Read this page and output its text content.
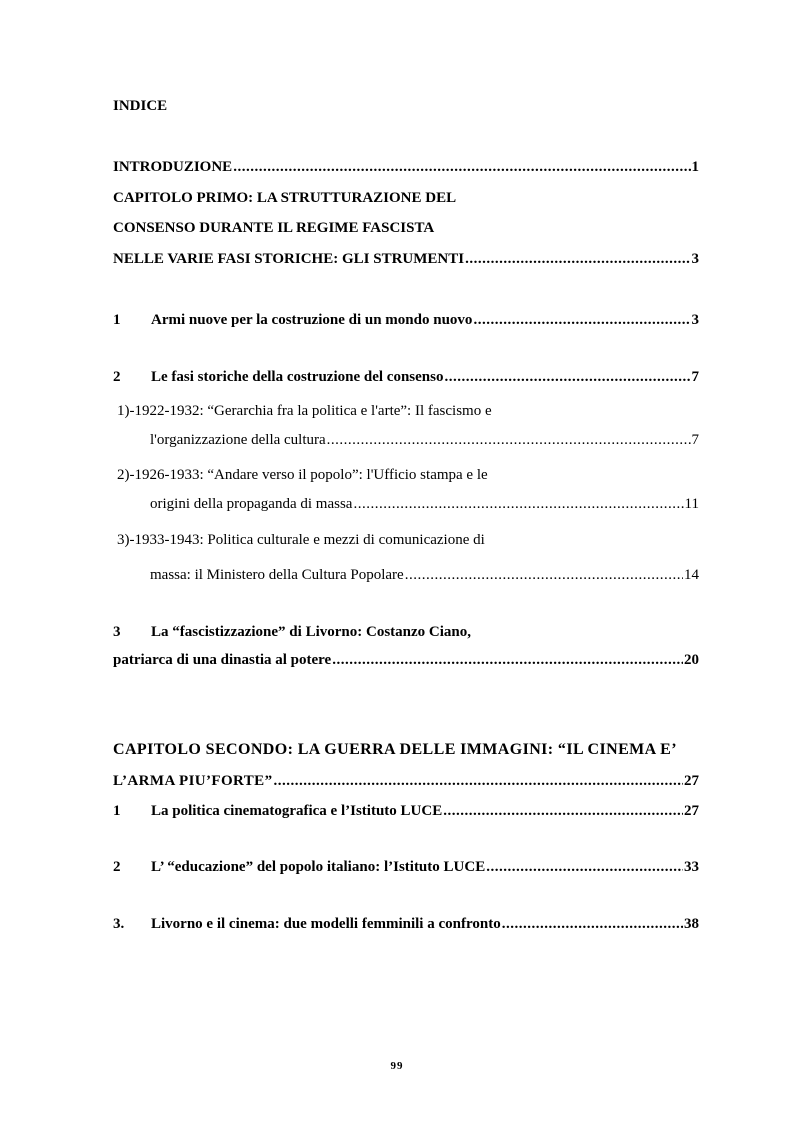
INDICE
INTRODUZIONE .....	1
CAPITOLO PRIMO: LA STRUTTURAZIONE DEL
CONSENSO DURANTE IL REGIME FASCISTA
NELLE VARIE FASI STORICHE: GLI STRUMENTI .....	3
1 Armi nuove per la costruzione di un mondo nuovo .....	3
2 Le fasi storiche della costruzione del consenso .....	7
1)-1922-1932: “Gerarchia fra la politica e l'arte”: Il fascismo e
l'organizzazione della cultura .....	7
2)-1926-1933: “Andare verso il popolo”: l'Ufficio stampa e le
origini della propaganda di massa .....	11
3)-1933-1943: Politica culturale e mezzi di comunicazione di
massa: il Ministero della Cultura Popolare .....	14
3 La “fascistizzazione” di Livorno: Costanzo Ciano,
patriarca di una dinastia al potere .....	20
CAPITOLO SECONDO: LA GUERRA DELLE IMMAGINI: “IL CINEMA E’
L’ARMA PIU’FORTE” .....	27
1 La politica cinematografica e l’Istituto LUCE .....	27
2 L’ “educazione” del popolo italiano: l’Istituto LUCE .....	33
3. Livorno e il cinema: due modelli femminili a confronto .....	38
99
